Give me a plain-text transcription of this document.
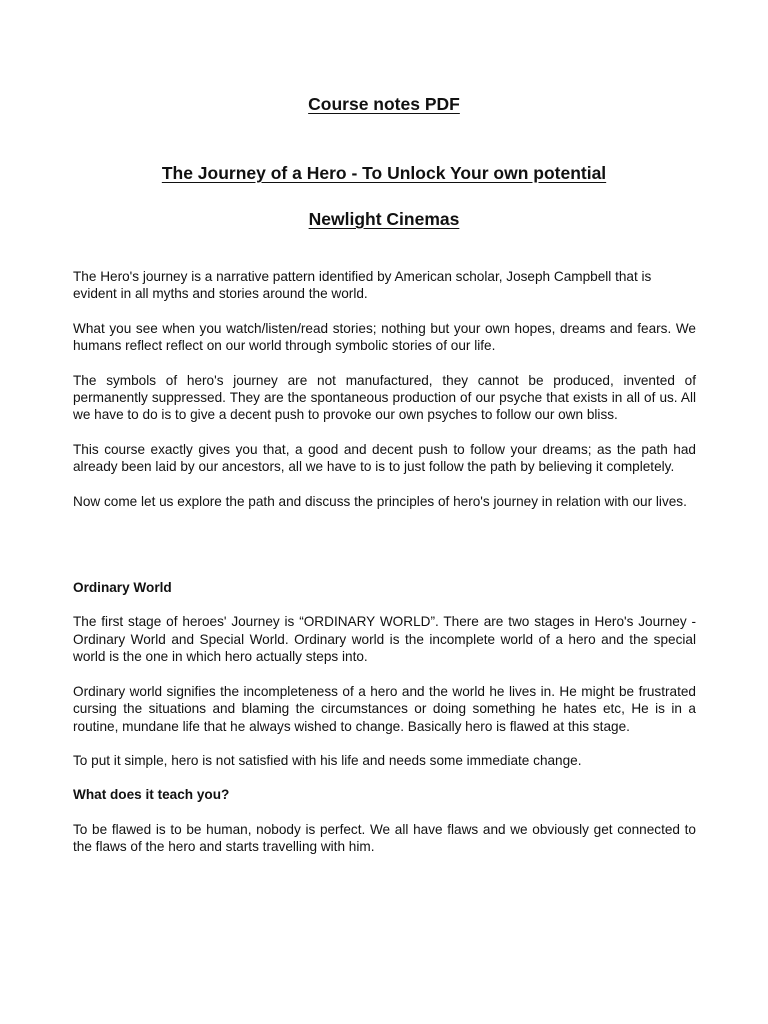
Course notes PDF
The Journey of a Hero - To Unlock Your own potential
Newlight Cinemas

The Hero's journey is a narrative pattern identified by American scholar, Joseph Campbell that is evident in all myths and stories around the world.

What you see when you watch/listen/read stories; nothing but your own hopes, dreams and fears. We humans reflect reflect on our world through symbolic stories of our life.

The symbols of hero's journey are not manufactured, they cannot be produced, invented of permanently suppressed. They are the spontaneous production of our psyche that exists in all of us. All we have to do is to give a decent push to provoke our own psyches to follow our own bliss.

This course exactly gives you that, a good and decent push to follow your dreams; as the path had already been laid by our ancestors, all we have to is to just follow the path by believing it completely.

Now come let us explore the path and discuss the principles of hero's journey in relation with our lives.

Ordinary World

The first stage of heroes' Journey is “ORDINARY WORLD”. There are two stages in Hero's Journey - Ordinary World and Special World. Ordinary world is the incomplete world of a hero and the special world is the one in which hero actually steps into.

Ordinary world signifies the incompleteness of a hero and the world he lives in. He might be frustrated cursing the situations and blaming the circumstances or doing something he hates etc, He is in a routine, mundane life that he always wished to change. Basically hero is flawed at this stage.

To put it simple, hero is not satisfied with his life and needs some immediate change.

What does it teach you?

To be flawed is to be human, nobody is perfect. We all have flaws and we obviously get connected to the flaws of the hero and starts travelling with him.
